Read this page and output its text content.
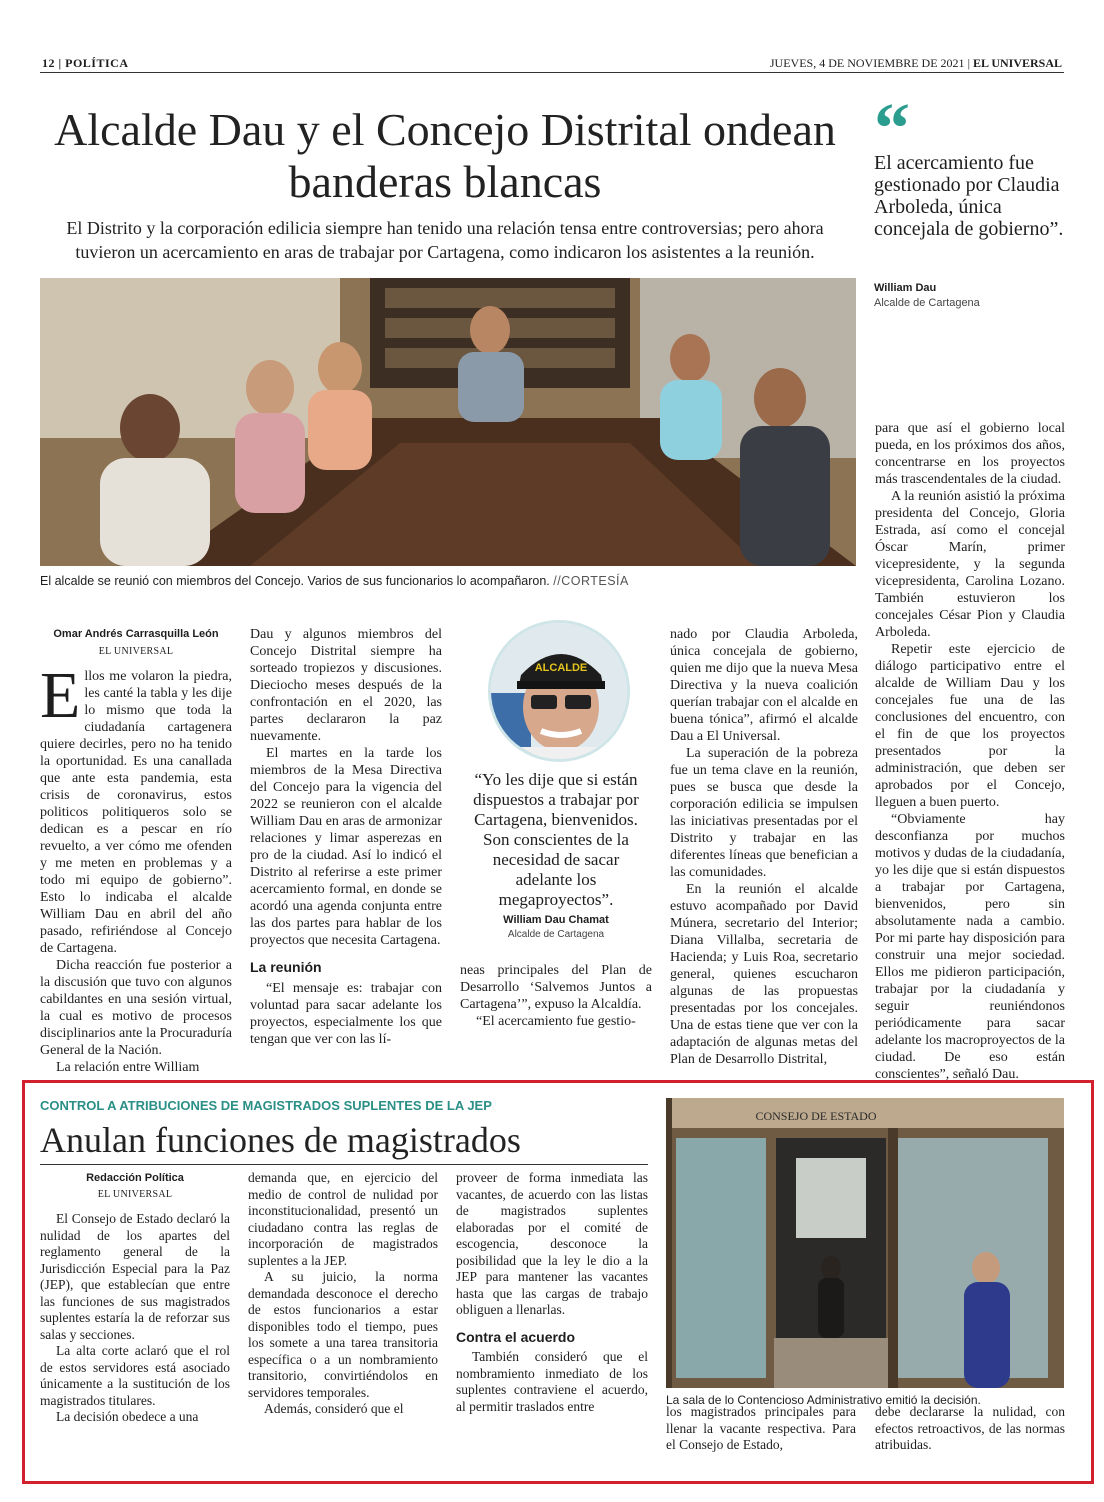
12 | POLÍTICA	JUEVES, 4 DE NOVIEMBRE DE 2021 | EL UNIVERSAL
Alcalde Dau y el Concejo Distrital ondean banderas blancas
El Distrito y la corporación edilicia siempre han tenido una relación tensa entre controversias; pero ahora tuvieron un acercamiento en aras de trabajar por Cartagena, como indicaron los asistentes a la reunión.
“
El acercamiento fue gestionado por Claudia Arboleda, única concejala de gobierno”.
William Dau
Alcalde de Cartagena
El alcalde se reunió con miembros del Concejo. Varios de sus funcionarios lo acompañaron. //CORTESÍA
Omar Andrés Carrasquilla León
EL UNIVERSAL

Ellos me volaron la piedra, les canté la tabla y les dije lo mismo que toda la ciudadanía cartagenera quiere decirles, pero no ha tenido la oportunidad. Es una canallada que ante esta pandemia, esta crisis de coronavirus, estos politicos politiqueros solo se dedican es a pescar en río revuelto, a ver cómo me ofenden y me meten en problemas y a todo mi equipo de gobierno”. Esto lo indicaba el alcalde William Dau en abril del año pasado, refiriéndose al Concejo de Cartagena.

Dicha reacción fue posterior a la discusión que tuvo con algunos cabildantes en una sesión virtual, la cual es motivo de procesos disciplinarios ante la Procuraduría General de la Nación.

La relación entre William

Dau y algunos miembros del Concejo Distrital siempre ha sorteado tropiezos y discusiones. Dieciocho meses después de la confrontación en el 2020, las partes declararon la paz nuevamente.

El martes en la tarde los miembros de la Mesa Directiva del Concejo para la vigencia del 2022 se reunieron con el alcalde William Dau en aras de armonizar relaciones y limar asperezas en pro de la ciudad. Así lo indicó el Distrito al referirse a este primer acercamiento formal, en donde se acordó una agenda conjunta entre las dos partes para hablar de los proyectos que necesita Cartagena.

La reunión

“El mensaje es: trabajar con voluntad para sacar adelante los proyectos, especialmente los que tengan que ver con las lí-

ALCALDE
“Yo les dije que si están dispuestos a trabajar por Cartagena, bienvenidos. Son conscientes de la necesidad de sacar adelante los megaproyectos”.
William Dau Chamat
Alcalde de Cartagena

neas principales del Plan de Desarrollo ‘Salvemos Juntos a Cartagena’”, expuso la Alcaldía.

“El acercamiento fue gestio-

nado por Claudia Arboleda, única concejala de gobierno, quien me dijo que la nueva Mesa Directiva y la nueva coalición querían trabajar con el alcalde en buena tónica”, afirmó el alcalde Dau a El Universal.

La superación de la pobreza fue un tema clave en la reunión, pues se busca que desde la corporación edilicia se impulsen las iniciativas presentadas por el Distrito y trabajar en las diferentes líneas que benefician a las comunidades.

En la reunión el alcalde estuvo acompañado por David Múnera, secretario del Interior; Diana Villalba, secretaria de Hacienda; y Luis Roa, secretario general, quienes escucharon algunas de las propuestas presentadas por los concejales. Una de estas tiene que ver con la adaptación de algunas metas del Plan de Desarrollo Distrital,

para que así el gobierno local pueda, en los próximos dos años, concentrarse en los proyectos más trascendentales de la ciudad.

A la reunión asistió la próxima presidenta del Concejo, Gloria Estrada, así como el concejal Óscar Marín, primer vicepresidente, y la segunda vicepresidenta, Carolina Lozano. También estuvieron los concejales César Pion y Claudia Arboleda.

Repetir este ejercicio de diálogo participativo entre el alcalde de William Dau y los concejales fue una de las conclusiones del encuentro, con el fin de que los proyectos presentados por la administración, que deben ser aprobados por el Concejo, lleguen a buen puerto.

“Obviamente hay desconfianza por muchos motivos y dudas de la ciudadanía, yo les dije que si están dispuestos a trabajar por Cartagena, bienvenidos, pero sin absolutamente nada a cambio. Por mi parte hay disposición para construir una mejor sociedad. Ellos me pidieron participación, trabajar por la ciudadanía y seguir reuniéndonos periódicamente para sacar adelante los macroproyectos de la ciudad. De eso están conscientes”, señaló Dau.

CONTROL A ATRIBUCIONES DE MAGISTRADOS SUPLENTES DE LA JEP
Anulan funciones de magistrados
Redacción Política
EL UNIVERSAL

El Consejo de Estado declaró la nulidad de los apartes del reglamento general de la Jurisdicción Especial para la Paz (JEP), que establecían que entre las funciones de sus magistrados suplentes estaría la de reforzar sus salas y secciones.

La alta corte aclaró que el rol de estos servidores está asociado únicamente a la sustitución de los magistrados titulares.

La decisión obedece a una

demanda que, en ejercicio del medio de control de nulidad por inconstitucionalidad, presentó un ciudadano contra las reglas de incorporación de magistrados suplentes a la JEP.

A su juicio, la norma demandada desconoce el derecho de estos funcionarios a estar disponibles todo el tiempo, pues los somete a una tarea transitoria específica o a un nombramiento transitorio, convirtiéndolos en servidores temporales.

Además, consideró que el

proveer de forma inmediata las vacantes, de acuerdo con las listas de magistrados suplentes elaboradas por el comité de escogencia, desconoce la posibilidad que la ley le dio a la JEP para mantener las vacantes hasta que las cargas de trabajo obliguen a llenarlas.

Contra el acuerdo

También consideró que el nombramiento inmediato de los suplentes contraviene el acuerdo, al permitir traslados entre

CONSEJO DE ESTADO
La sala de lo Contencioso Administrativo emitió la decisión.

los magistrados principales para llenar la vacante respectiva. Para el Consejo de Estado,

debe declararse la nulidad, con efectos retroactivos, de las normas atribuidas.
